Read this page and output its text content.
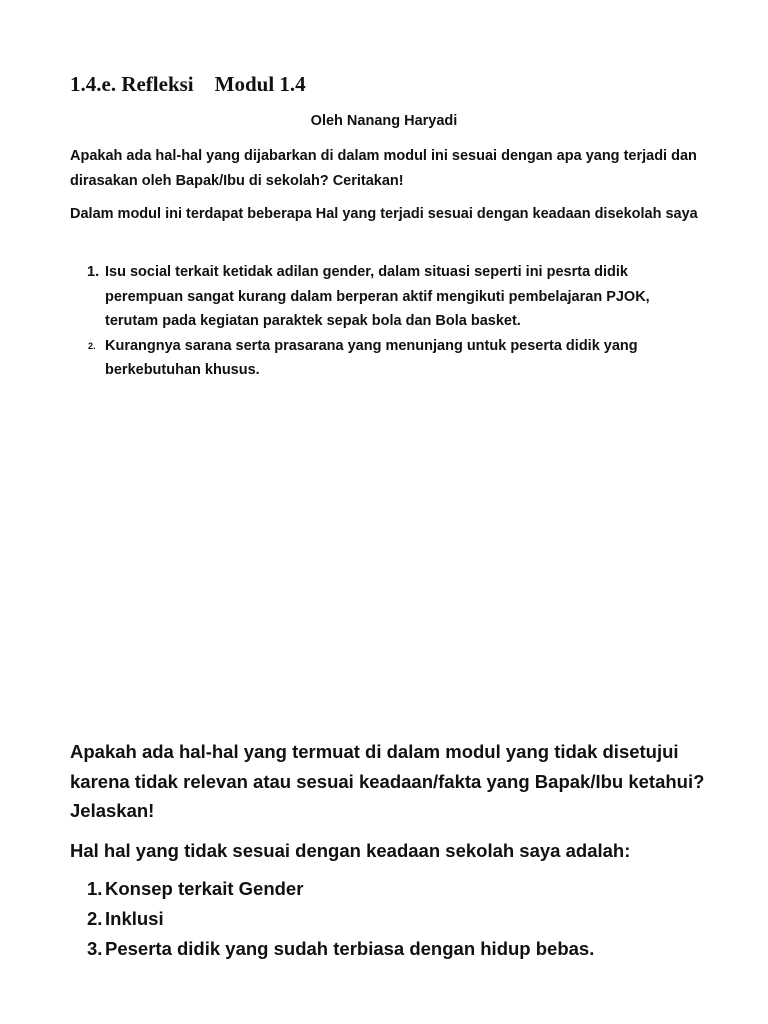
1.4.e. Refleksi    Modul 1.4

Oleh Nanang Haryadi

Apakah ada hal-hal yang dijabarkan di dalam modul ini sesuai dengan apa yang terjadi dan dirasakan oleh Bapak/Ibu di sekolah? Ceritakan!

Dalam modul ini terdapat beberapa Hal yang terjadi sesuai dengan keadaan disekolah saya

1. Isu social terkait ketidak adilan gender, dalam situasi seperti ini pesrta didik perempuan sangat kurang dalam berperan aktif mengikuti pembelajaran PJOK, terutam pada kegiatan paraktek sepak bola dan Bola basket.
2. Kurangnya sarana serta prasarana yang menunjang untuk peserta didik yang berkebutuhan khusus.

Apakah ada hal-hal yang termuat di dalam modul yang tidak disetujui karena tidak relevan atau sesuai keadaan/fakta yang Bapak/Ibu ketahui? Jelaskan!

Hal hal yang tidak sesuai dengan keadaan sekolah saya adalah:

1. Konsep terkait Gender
2. Inklusi
3. Peserta didik yang sudah terbiasa dengan hidup bebas.
